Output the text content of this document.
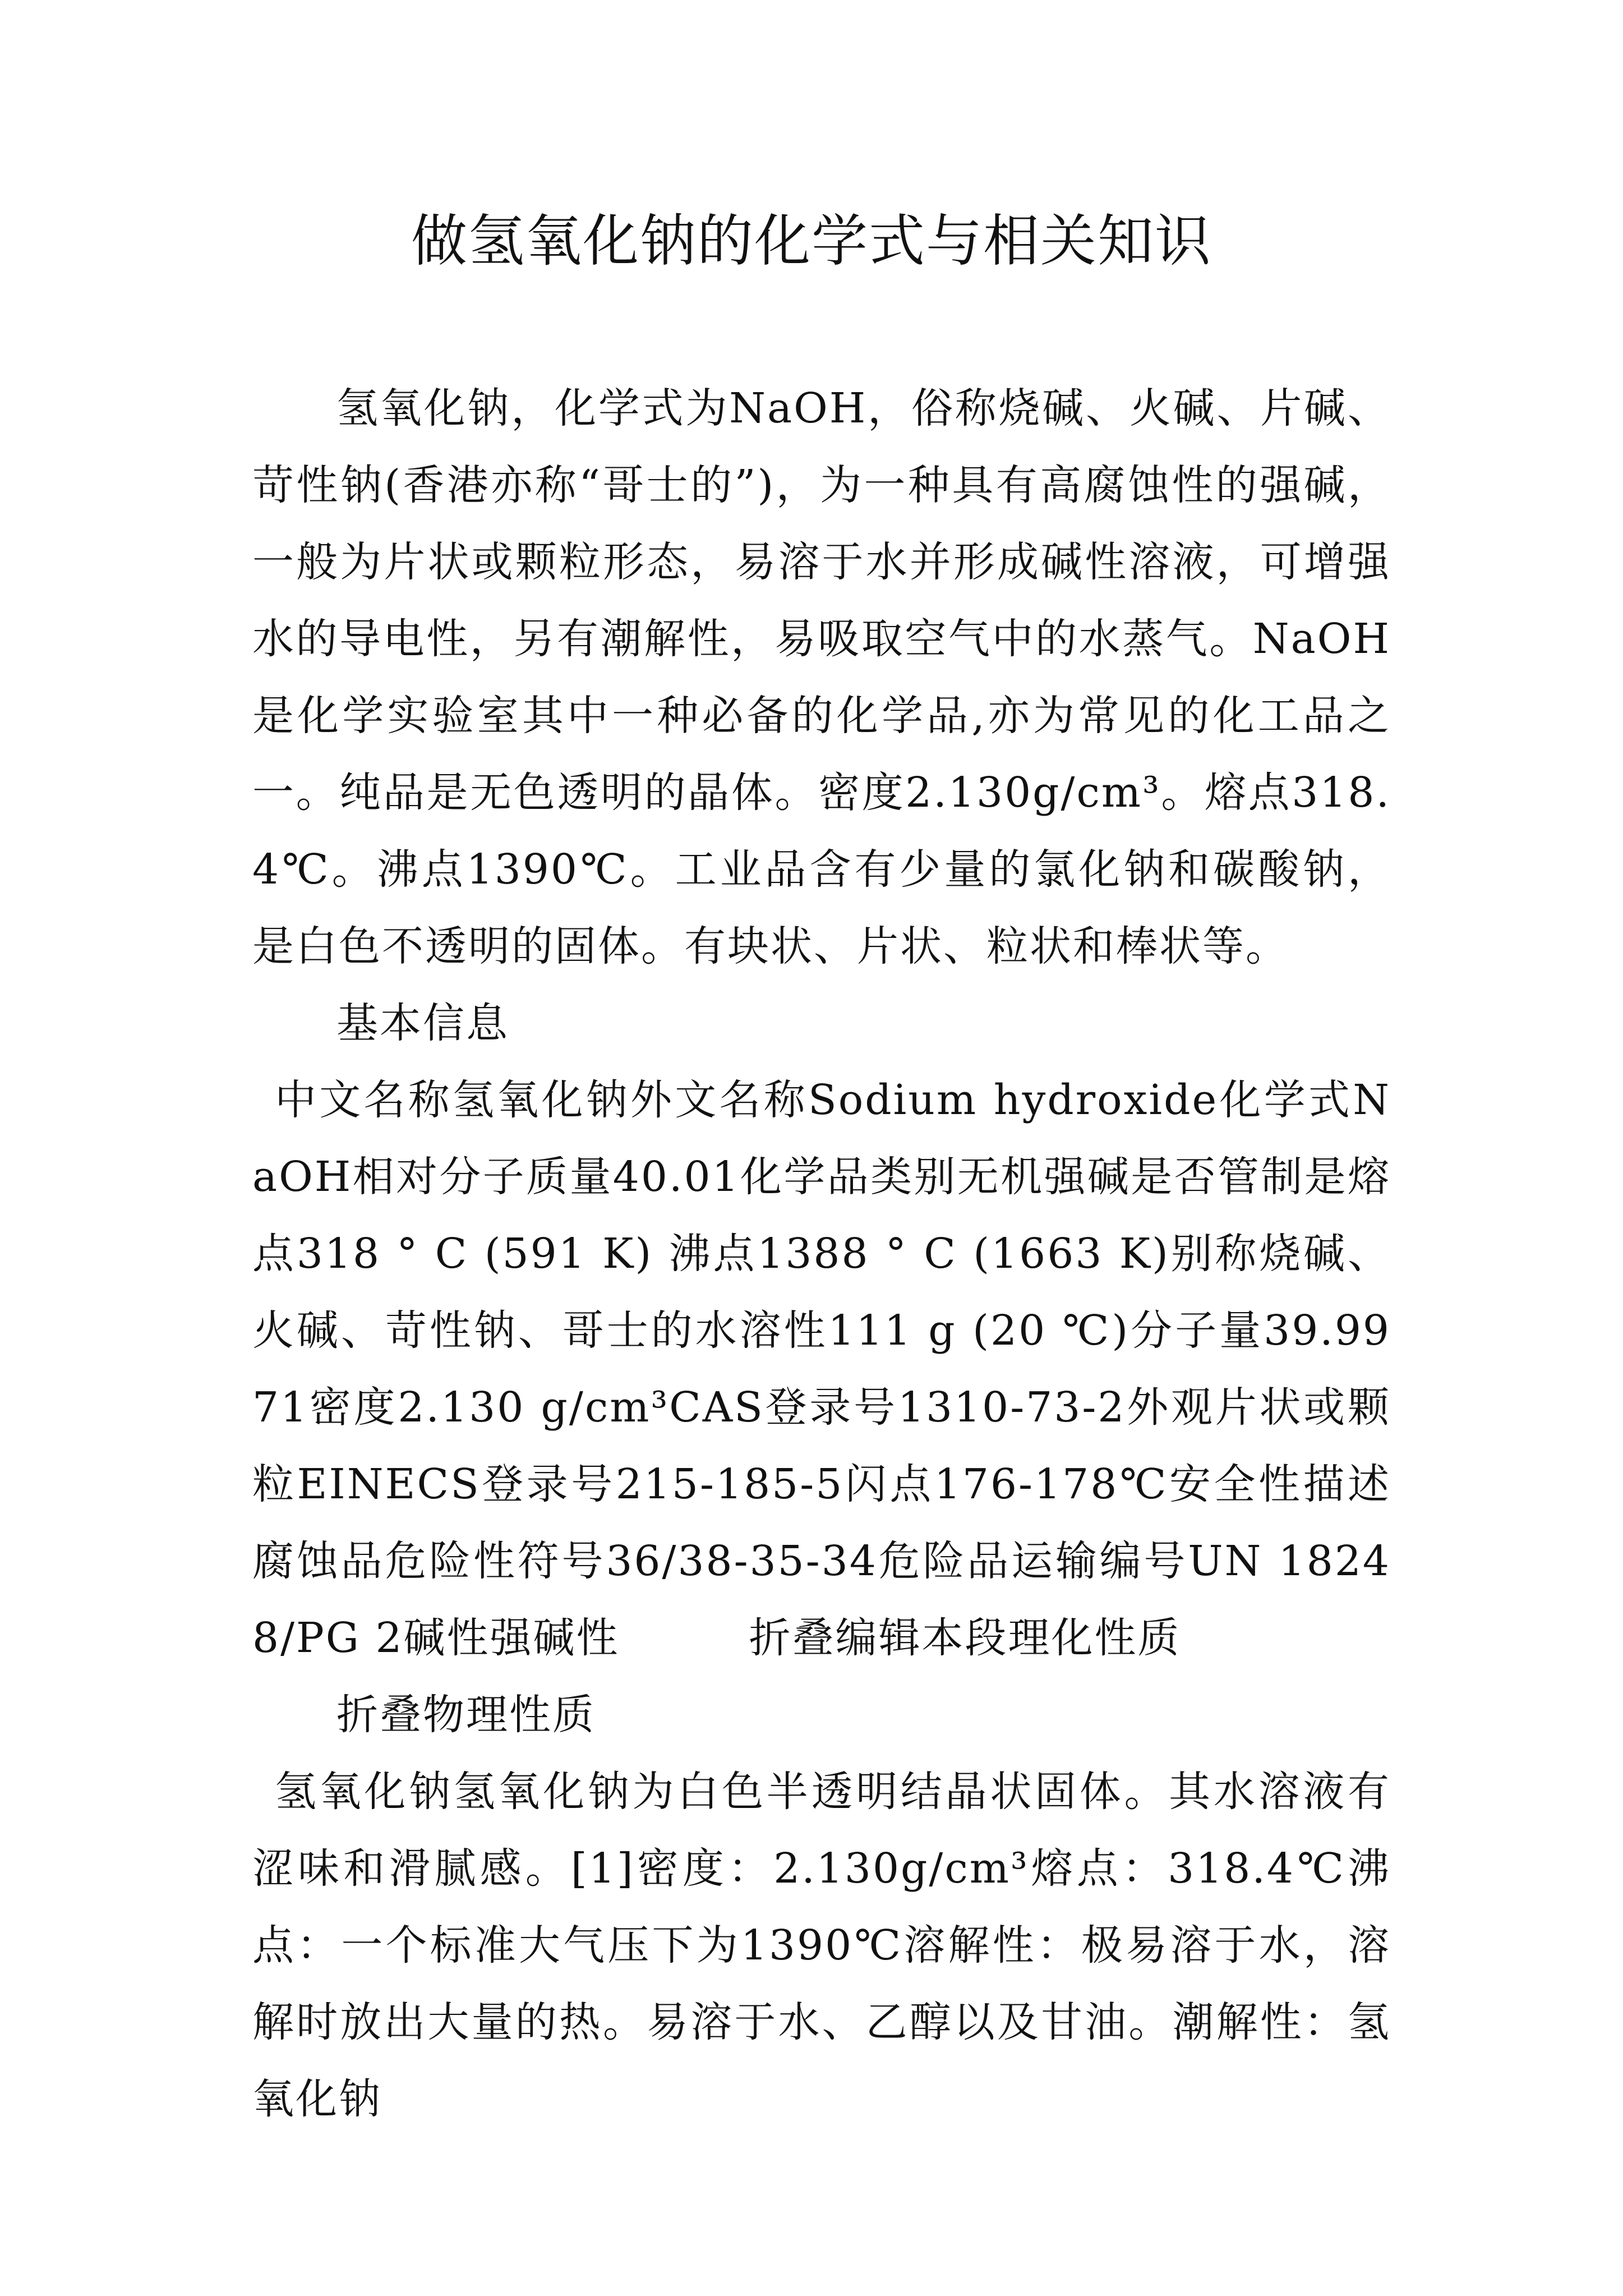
做氢氧化钠的化学式与相关知识

氢氧化钠，化学式为NaOH，俗称烧碱、火碱、片碱、苛性钠(香港亦称“哥士的”)，为一种具有高腐蚀性的强碱，一般为片状或颗粒形态，易溶于水并形成碱性溶液，可增强水的导电性，另有潮解性，易吸取空气中的水蒸气。NaOH是化学实验室其中一种必备的化学品,亦为常见的化工品之一。纯品是无色透明的晶体。密度2.130g/cm³。熔点318.4℃。沸点1390℃。工业品含有少量的氯化钠和碳酸钠，是白色不透明的固体。有块状、片状、粒状和棒状等。

基本信息

中文名称氢氧化钠外文名称Sodium hydroxide化学式NaOH相对分子质量40.01化学品类别无机强碱是否管制是熔点318 ° C (591 K) 沸点1388 ° C (1663 K)别称烧碱、火碱、苛性钠、哥士的水溶性111 g (20 ℃)分子量39.9971密度2.130 g/cm³CAS登录号1310-73-2外观片状或颗粒EINECS登录号215-185-5闪点176-178℃安全性描述腐蚀品危险性符号36/38-35-34危险品运输编号UN 1824 8/PG 2碱性强碱性　　　折叠编辑本段理化性质

折叠物理性质

氢氧化钠氢氧化钠为白色半透明结晶状固体。其水溶液有涩味和滑腻感。[1]密度：2.130g/cm³熔点：318.4℃沸点：一个标准大气压下为1390℃溶解性：极易溶于水，溶解时放出大量的热。易溶于水、乙醇以及甘油。潮解性：氢氧化钠
